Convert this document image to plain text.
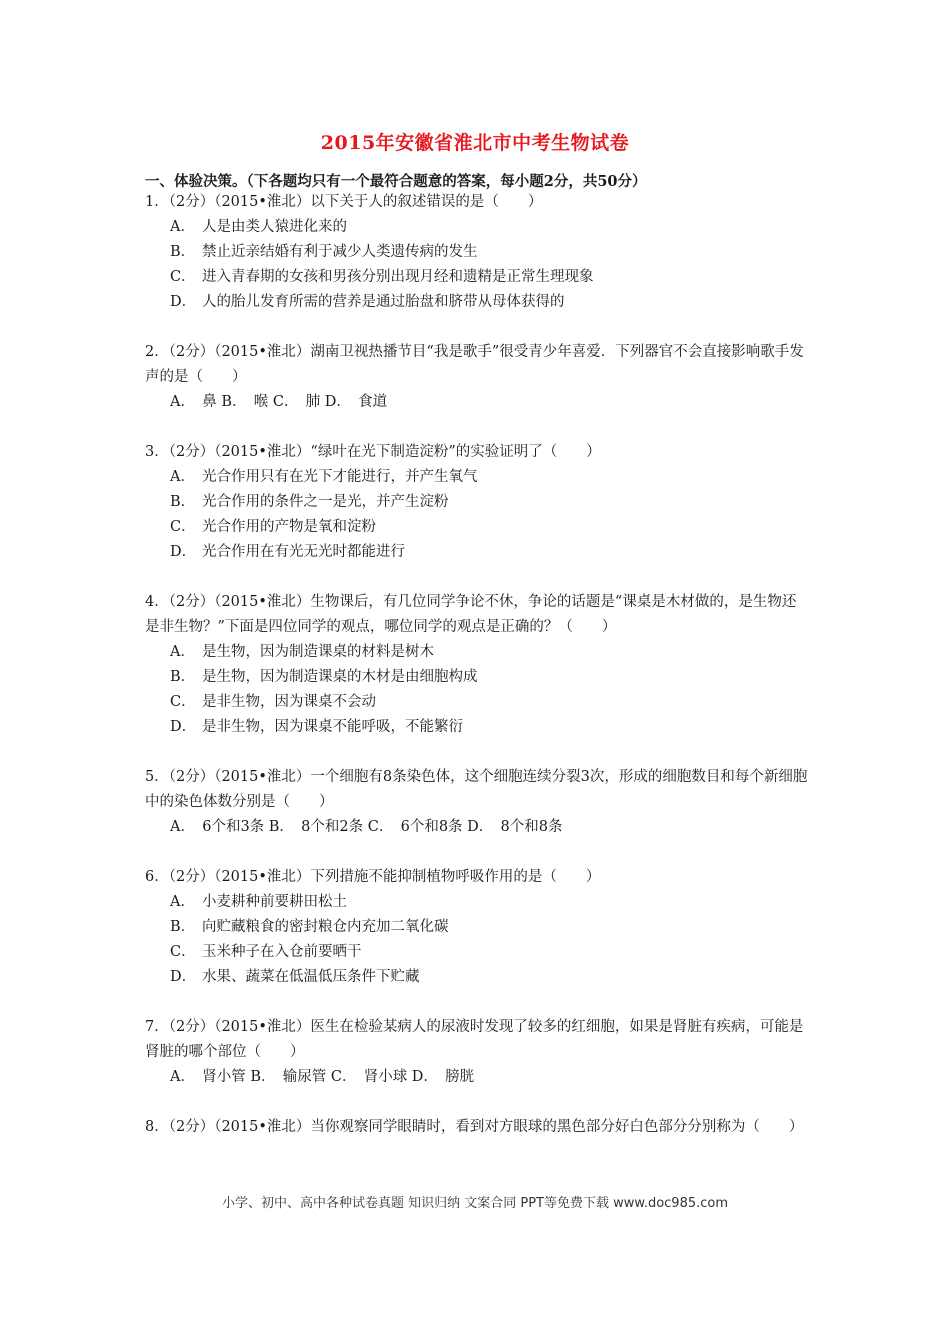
2015年安徽省淮北市中考生物试卷
一、体验决策。（下各题均只有一个最符合题意的答案，每小题2分，共50分）

1．（2分）（2015•淮北）以下关于人的叙述错误的是（　　）

A． 人是由类人猿进化来的
B． 禁止近亲结婚有利于减少人类遗传病的发生
C． 进入青春期的女孩和男孩分别出现月经和遗精是正常生理现象
D． 人的胎儿发育所需的营养是通过胎盘和脐带从母体获得的

2．（2分）（2015•淮北）湖南卫视热播节目“我是歌手”很受青少年喜爱．下列器官不会直接影响歌手发声的是（　　）

A．　鼻 B．　喉 C．　肺 D．　食道

3．（2分）（2015•淮北）“绿叶在光下制造淀粉”的实验证明了（　　）

A． 光合作用只有在光下才能进行，并产生氧气
B． 光合作用的条件之一是光，并产生淀粉
C． 光合作用的产物是氧和淀粉
D． 光合作用在有光无光时都能进行

4．（2分）（2015•淮北）生物课后，有几位同学争论不休，争论的话题是“课桌是木材做的，是生物还是非生物？”下面是四位同学的观点，哪位同学的观点是正确的？（　　）

A． 是生物，因为制造课桌的材料是树木
B． 是生物，因为制造课桌的木材是由细胞构成
C． 是非生物，因为课桌不会动
D． 是非生物，因为课桌不能呼吸，不能繁衍

5．（2分）（2015•淮北）一个细胞有8条染色体，这个细胞连续分裂3次，形成的细胞数目和每个新细胞中的染色体数分别是（　　）

A．　6个和3条 B．　8个和2条 C．　6个和8条 D．　8个和8条

6．（2分）（2015•淮北）下列措施不能抑制植物呼吸作用的是（　　）

A． 小麦耕种前要耕田松土
B． 向贮藏粮食的密封粮仓内充加二氧化碳
C． 玉米种子在入仓前要晒干
D． 水果、蔬菜在低温低压条件下贮藏

7．（2分）（2015•淮北）医生在检验某病人的尿液时发现了较多的红细胞，如果是肾脏有疾病，可能是肾脏的哪个部位（　　）

A．　肾小管 B．　输尿管 C．　肾小球 D．　膀胱

8．（2分）（2015•淮北）当你观察同学眼睛时，看到对方眼球的黑色部分好白色部分分别称为（　　）

小学、初中、高中各种试卷真题 知识归纳 文案合同 PPT等免费下载 www.doc985.com
